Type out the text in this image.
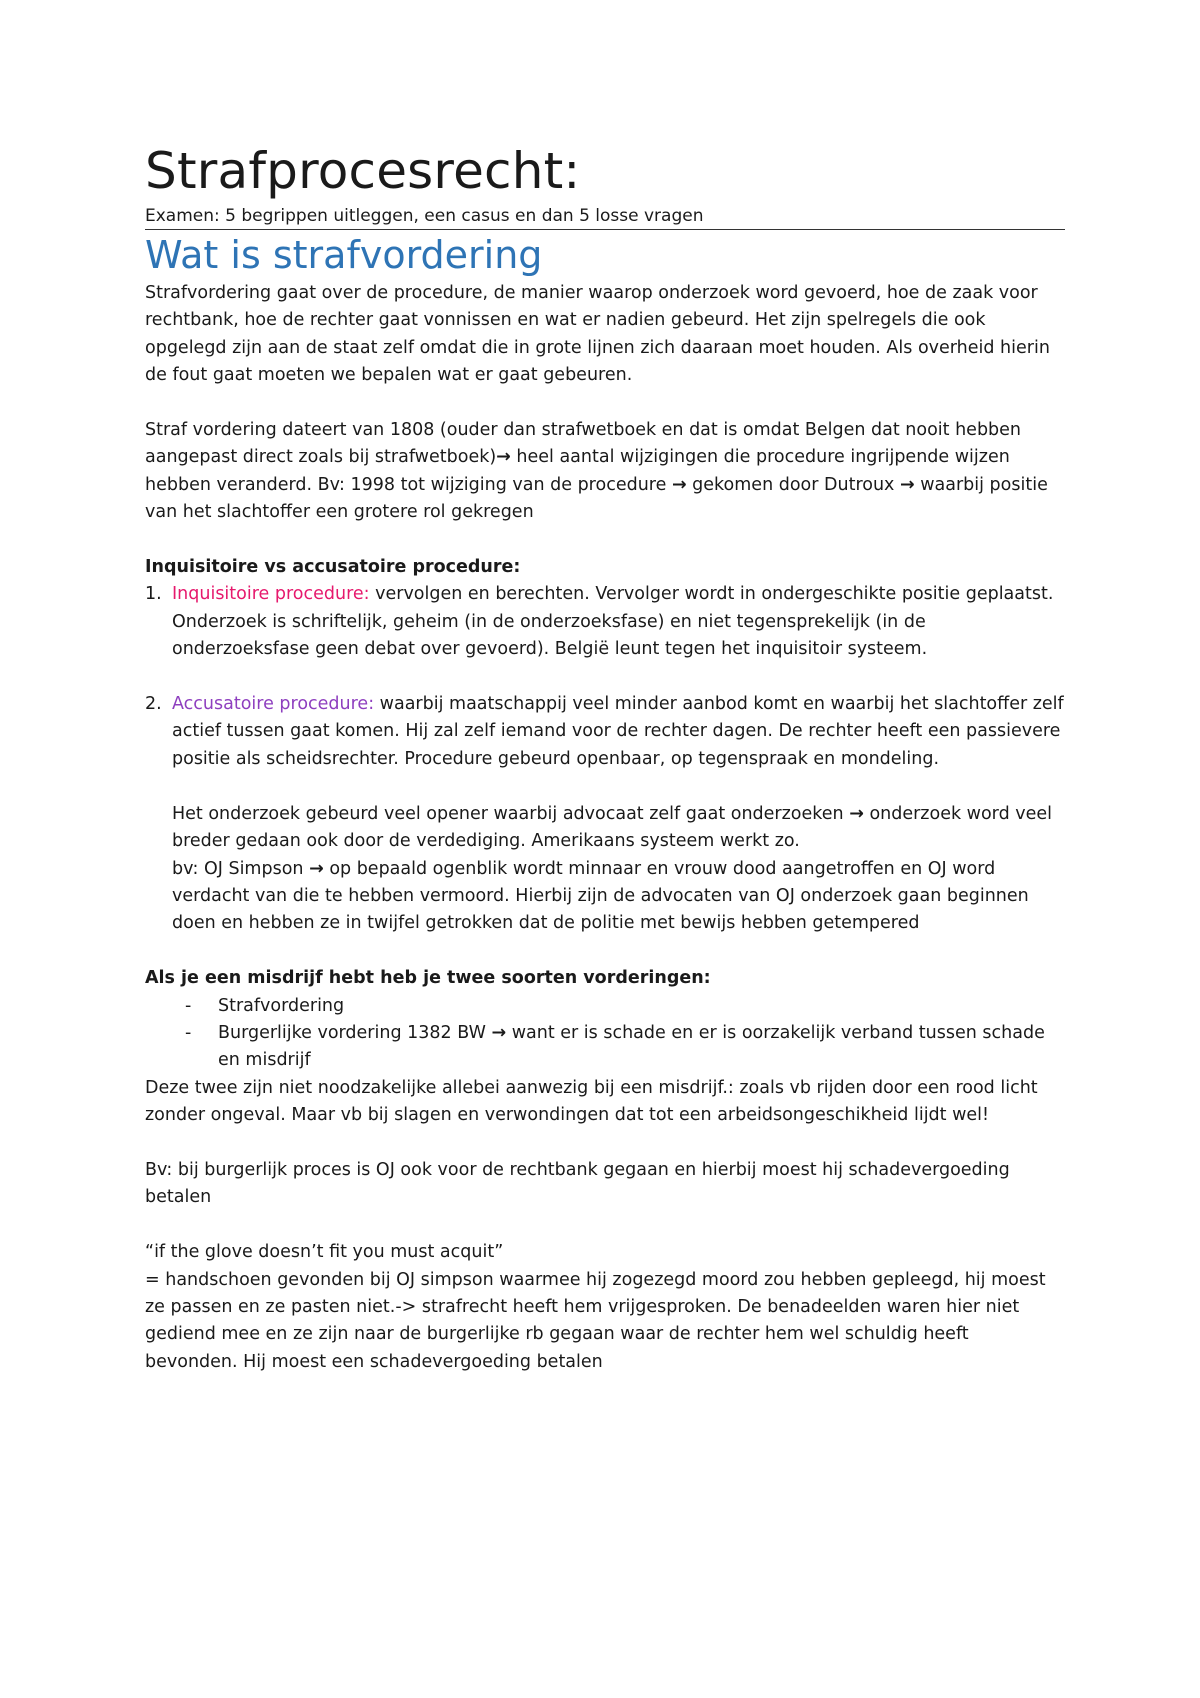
Strafprocesrecht:
Examen: 5 begrippen uitleggen, een casus en dan 5 losse vragen
Wat is strafvordering

Strafvordering gaat over de procedure, de manier waarop onderzoek word gevoerd, hoe de zaak voor rechtbank, hoe de rechter gaat vonnissen en wat er nadien gebeurd. Het zijn spelregels die ook opgelegd zijn aan de staat zelf omdat die in grote lijnen zich daaraan moet houden. Als overheid hierin de fout gaat moeten we bepalen wat er gaat gebeuren.

Straf vordering dateert van 1808 (ouder dan strafwetboek en dat is omdat Belgen dat nooit hebben aangepast direct zoals bij strafwetboek)→ heel aantal wijzigingen die procedure ingrijpende wijzen hebben veranderd. Bv: 1998 tot wijziging van de procedure → gekomen door Dutroux → waarbij positie van het slachtoffer een grotere rol gekregen

Inquisitoire vs accusatoire procedure:

1. Inquisitoire procedure: vervolgen en berechten. Vervolger wordt in ondergeschikte positie geplaatst. Onderzoek is schriftelijk, geheim (in de onderzoeksfase) en niet tegensprekelijk (in de onderzoeksfase geen debat over gevoerd). België leunt tegen het inquisitoir systeem.

2. Accusatoire procedure: waarbij maatschappij veel minder aanbod komt en waarbij het slachtoffer zelf actief tussen gaat komen. Hij zal zelf iemand voor de rechter dagen. De rechter heeft een passievere positie als scheidsrechter. Procedure gebeurd openbaar, op tegenspraak en mondeling.

Het onderzoek gebeurd veel opener waarbij advocaat zelf gaat onderzoeken → onderzoek word veel breder gedaan ook door de verdediging. Amerikaans systeem werkt zo.
bv: OJ Simpson → op bepaald ogenblik wordt minnaar en vrouw dood aangetroffen en OJ word verdacht van die te hebben vermoord. Hierbij zijn de advocaten van OJ onderzoek gaan beginnen doen en hebben ze in twijfel getrokken dat de politie met bewijs hebben getempered

Als je een misdrijf hebt heb je twee soorten vorderingen:

- Strafvordering
- Burgerlijke vordering 1382 BW → want er is schade en er is oorzakelijk verband tussen schade en misdrijf

Deze twee zijn niet noodzakelijke allebei aanwezig bij een misdrijf.: zoals vb rijden door een rood licht zonder ongeval. Maar vb bij slagen en verwondingen dat tot een arbeidsongeschikheid lijdt wel!

Bv: bij burgerlijk proces is OJ ook voor de rechtbank gegaan en hierbij moest hij schadevergoeding betalen

“if the glove doesn’t fit you must acquit”

= handschoen gevonden bij OJ simpson waarmee hij zogezegd moord zou hebben gepleegd, hij moest ze passen en ze pasten niet.-> strafrecht heeft hem vrijgesproken. De benadeelden waren hier niet gediend mee en ze zijn naar de burgerlijke rb gegaan waar de rechter hem wel schuldig heeft bevonden. Hij moest een schadevergoeding betalen
